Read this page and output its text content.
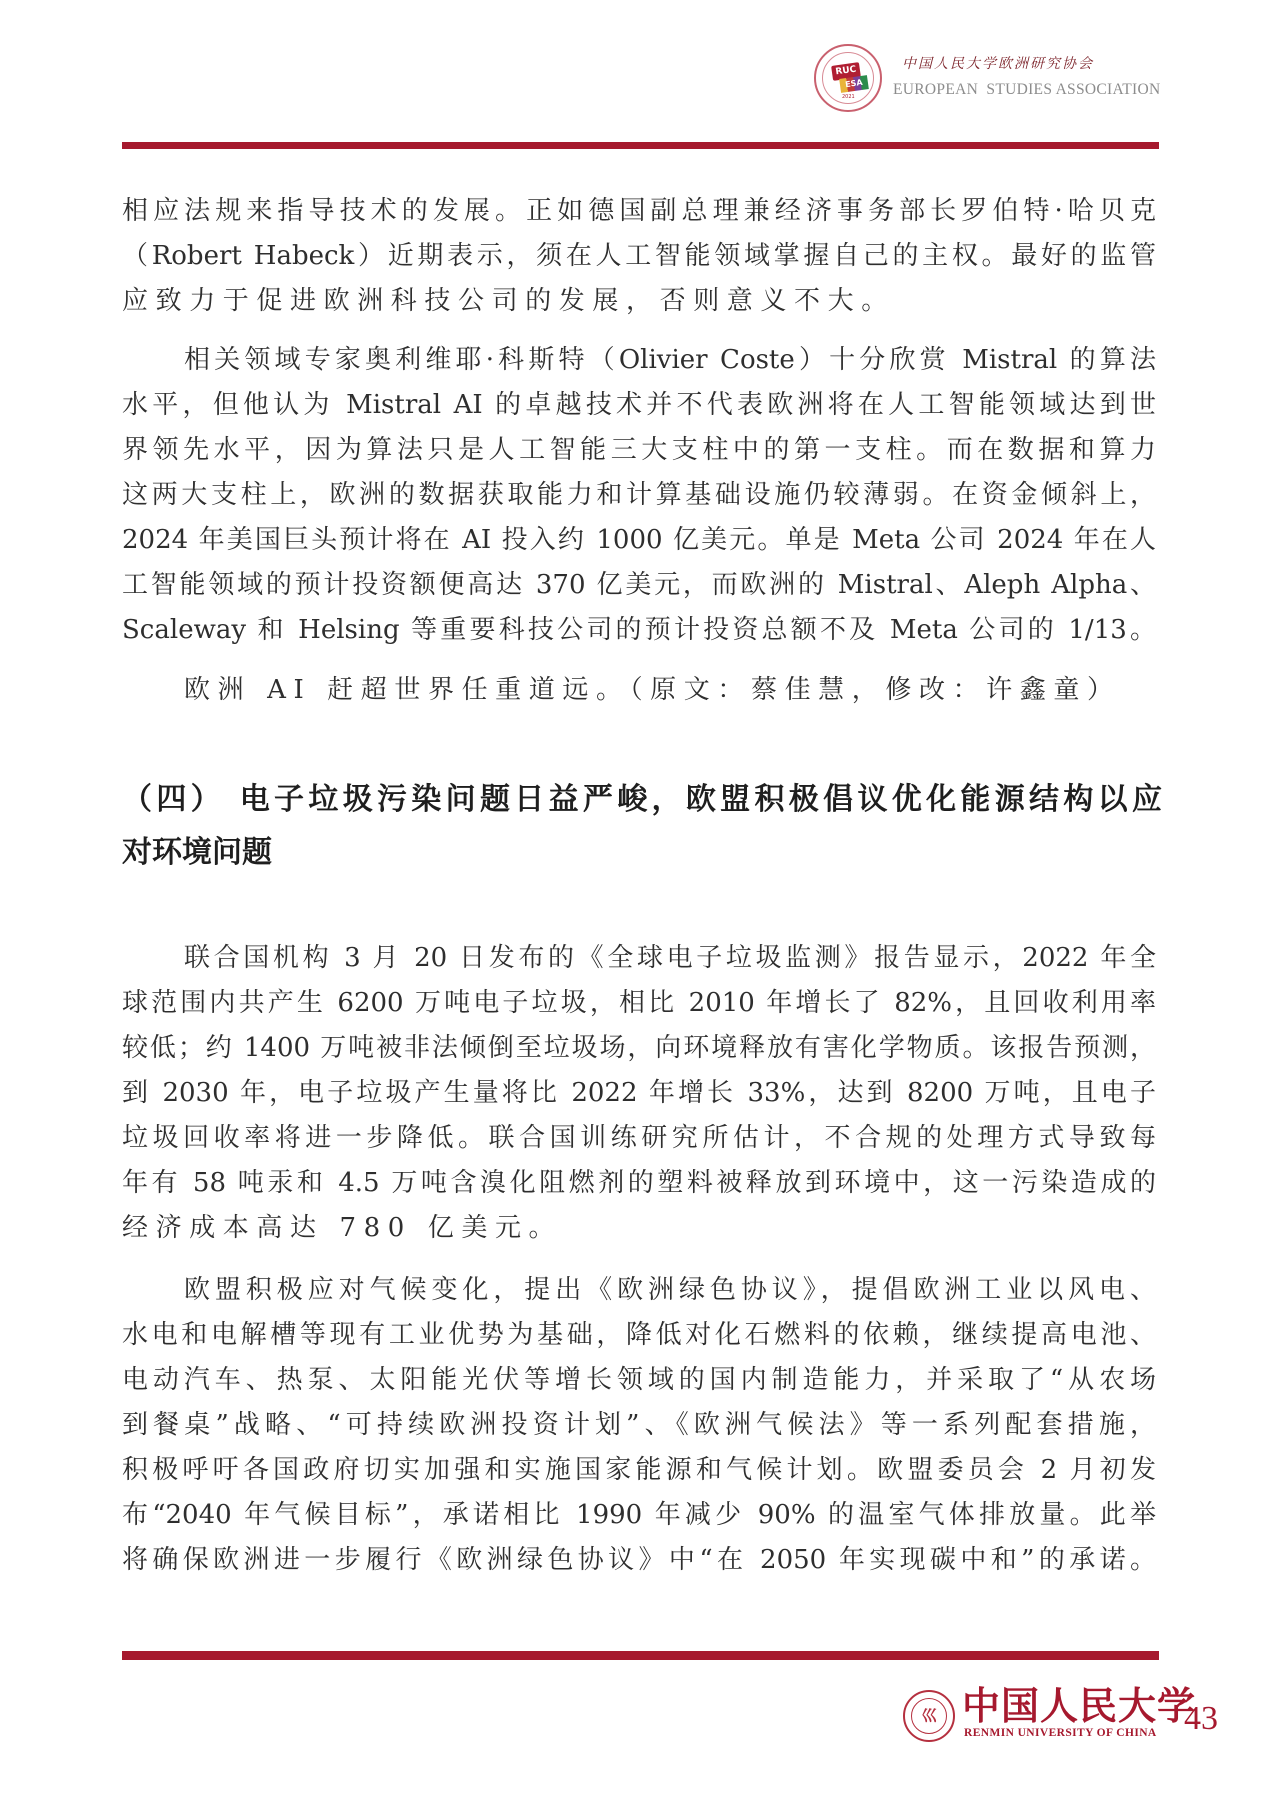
RUC
ESA
2021
中国人民大学欧洲研究协会
EUROPEAN  STUDIES ASSOCIATION
相应法规来指导技术的发展。正如德国副总理兼经济事务部长罗伯特·哈贝克
（Robert Habeck）近期表示，须在人工智能领域掌握自己的主权。最好的监管
应致力于促进欧洲科技公司的发展，否则意义不大。
相关领域专家奥利维耶·科斯特（Olivier Coste）十分欣赏 Mistral 的算法
水平，但他认为 Mistral AI 的卓越技术并不代表欧洲将在人工智能领域达到世
界领先水平，因为算法只是人工智能三大支柱中的第一支柱。而在数据和算力
这两大支柱上，欧洲的数据获取能力和计算基础设施仍较薄弱。在资金倾斜上，
2024 年美国巨头预计将在 AI 投入约 1000 亿美元。单是 Meta 公司 2024 年在人
工智能领域的预计投资额便高达 370 亿美元，而欧洲的 Mistral、Aleph Alpha、
Scaleway 和 Helsing 等重要科技公司的预计投资总额不及 Meta 公司的 1/13。
欧洲 AI 赶超世界任重道远。（原文：蔡佳慧，修改：许鑫童）
（四） 电子垃圾污染问题日益严峻，欧盟积极倡议优化能源结构以应
对环境问题
联合国机构 3 月 20 日发布的《全球电子垃圾监测》报告显示，2022 年全
球范围内共产生 6200 万吨电子垃圾，相比 2010 年增长了 82%，且回收利用率
较低；约 1400 万吨被非法倾倒至垃圾场，向环境释放有害化学物质。该报告预测，
到 2030 年，电子垃圾产生量将比 2022 年增长 33%，达到 8200 万吨，且电子
垃圾回收率将进一步降低。联合国训练研究所估计，不合规的处理方式导致每
年有 58 吨汞和 4.5 万吨含溴化阻燃剂的塑料被释放到环境中，这一污染造成的
经济成本高达 780 亿美元。
欧盟积极应对气候变化，提出《欧洲绿色协议》，提倡欧洲工业以风电、
水电和电解槽等现有工业优势为基础，降低对化石燃料的依赖，继续提高电池、
电动汽车、热泵、太阳能光伏等增长领域的国内制造能力，并采取了“从农场
到餐桌”战略、“可持续欧洲投资计划”、《欧洲气候法》等一系列配套措施，
积极呼吁各国政府切实加强和实施国家能源和气候计划。欧盟委员会 2 月初发
布“2040 年气候目标”，承诺相比 1990 年减少 90% 的温室气体排放量。此举
将确保欧洲进一步履行《欧洲绿色协议》中“在 2050 年实现碳中和”的承诺。
巛 中国人民大学
RENMIN UNIVERSITY OF CHINA 43
